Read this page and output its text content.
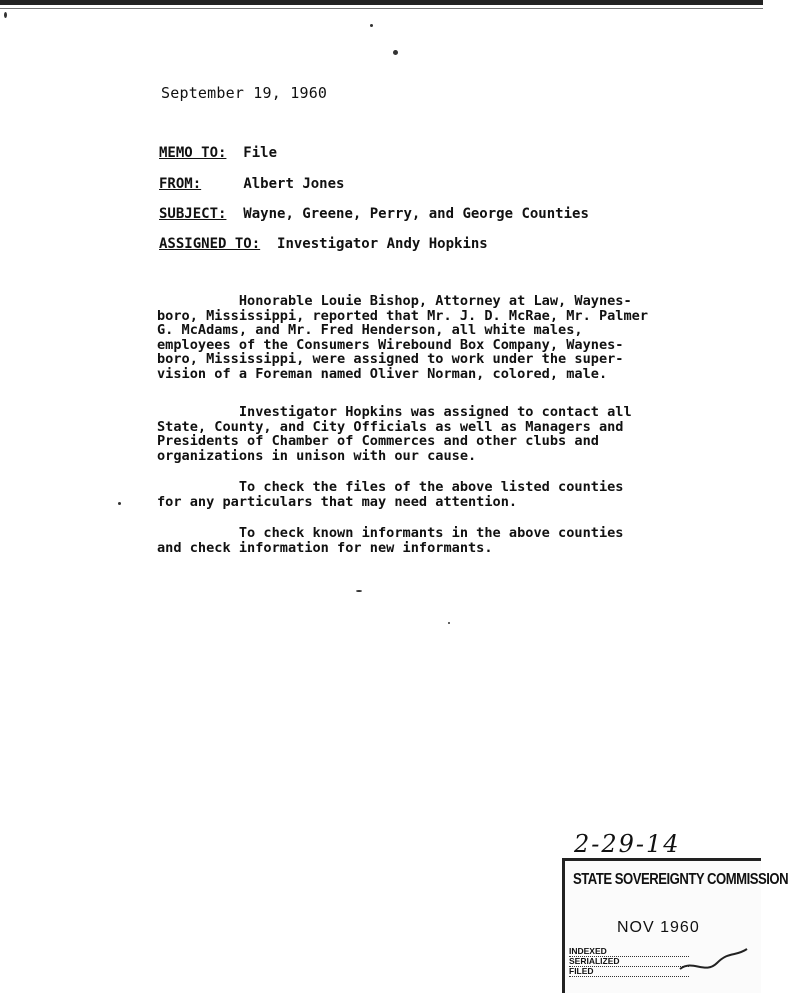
September 19, 1960
MEMO TO: File
FROM:	Albert Jones
SUBJECT: Wayne, Greene, Perry, and George Counties
ASSIGNED TO: Investigator Andy Hopkins
Honorable Louie Bishop, Attorney at Law, Waynes-
boro, Mississippi, reported that Mr. J. D. McRae, Mr. Palmer
G. McAdams, and Mr. Fred Henderson, all white males,
employees of the Consumers Wirebound Box Company, Waynes-
boro, Mississippi, were assigned to work under the super-
vision of a Foreman named Oliver Norman, colored, male.
Investigator Hopkins was assigned to contact all
State, County, and City Officials as well as Managers and
Presidents of Chamber of Commerces and other clubs and
organizations in unison with our cause.
To check the files of the above listed counties
for any particulars that may need attention.
To check known informants in the above counties
and check information for new informants.
2-29-14
STATE SOVEREIGNTY COMMISSION
NOV 1960
INDEXED
SERIALIZED
FILED
